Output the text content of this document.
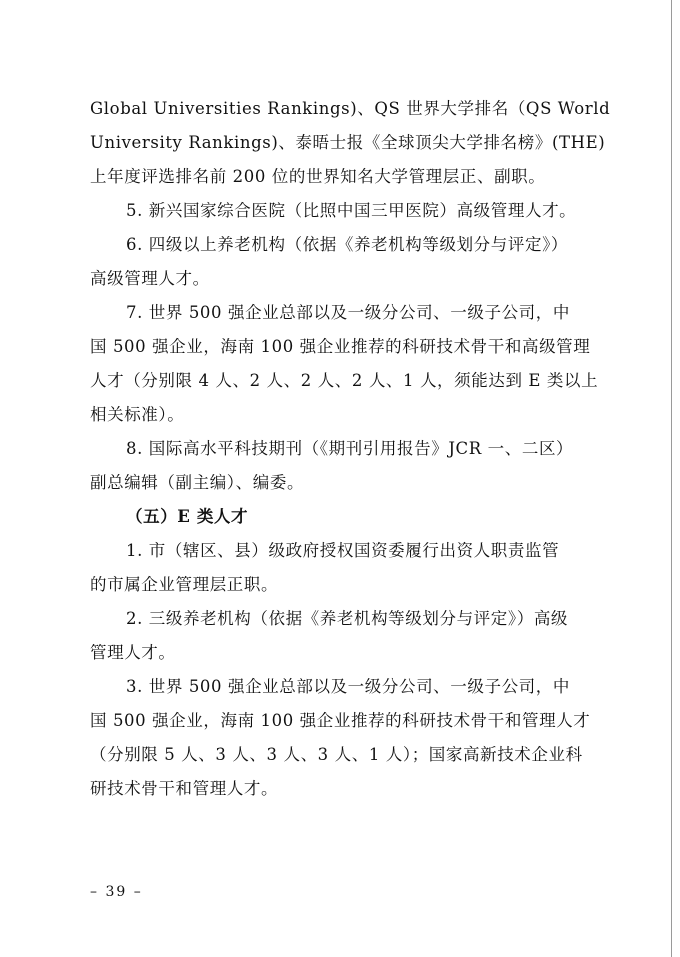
Global Universities Rankings)、QS 世界大学排名（QS World
University Rankings)、泰晤士报《全球顶尖大学排名榜》(THE)
上年度评选排名前 200 位的世界知名大学管理层正、副职。
5. 新兴国家综合医院（比照中国三甲医院）高级管理人才。
6. 四级以上养老机构（依据《养老机构等级划分与评定》）
高级管理人才。
7. 世界 500 强企业总部以及一级分公司、一级子公司，中
国 500 强企业，海南 100 强企业推荐的科研技术骨干和高级管理
人才（分别限 4 人、2 人、2 人、2 人、1 人，须能达到 E 类以上
相关标准）。
8. 国际高水平科技期刊（《期刊引用报告》JCR 一、二区）
副总编辑（副主编）、编委。
（五）E 类人才
1. 市（辖区、县）级政府授权国资委履行出资人职责监管
的市属企业管理层正职。
2. 三级养老机构（依据《养老机构等级划分与评定》）高级
管理人才。
3. 世界 500 强企业总部以及一级分公司、一级子公司，中
国 500 强企业，海南 100 强企业推荐的科研技术骨干和管理人才
（分别限 5 人、3 人、3 人、3 人、1 人）；国家高新技术企业科
研技术骨干和管理人才。
– 39 –
